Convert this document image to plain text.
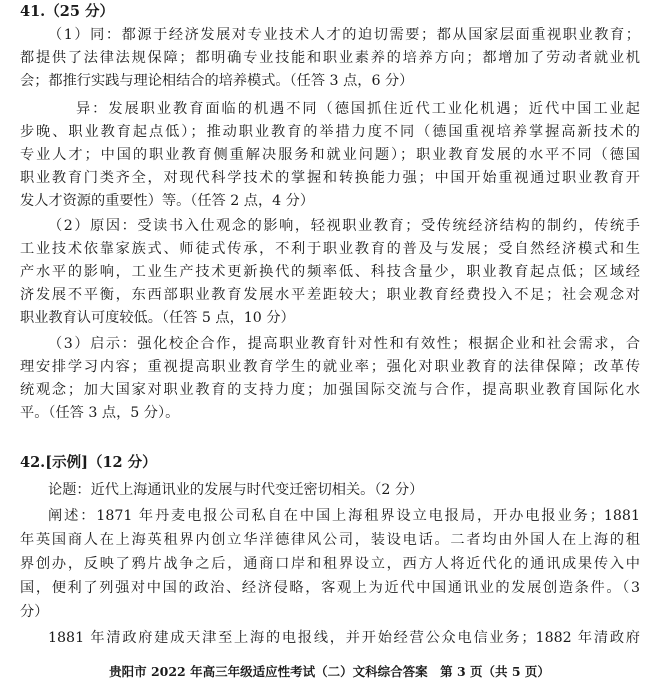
41.（25 分）
（1）同：都源于经济发展对专业技术人才的迫切需要；都从国家层面重视职业教育；
都提供了法律法规保障；都明确专业技能和职业素养的培养方向；都增加了劳动者就业机
会；都推行实践与理论相结合的培养模式。（任答 3 点，6 分）
异：发展职业教育面临的机遇不同（德国抓住近代工业化机遇；近代中国工业起
步晚、职业教育起点低）；推动职业教育的举措力度不同（德国重视培养掌握高新技术的
专业人才；中国的职业教育侧重解决服务和就业问题）；职业教育发展的水平不同（德国
职业教育门类齐全，对现代科学技术的掌握和转换能力强；中国开始重视通过职业教育开
发人才资源的重要性）等。（任答 2 点，4 分）
（2）原因：受读书入仕观念的影响，轻视职业教育；受传统经济结构的制约，传统手
工业技术依靠家族式、师徒式传承，不利于职业教育的普及与发展；受自然经济模式和生
产水平的影响，工业生产技术更新换代的频率低、科技含量少，职业教育起点低；区域经
济发展不平衡，东西部职业教育发展水平差距较大；职业教育经费投入不足；社会观念对
职业教育认可度较低。（任答 5 点，10 分）
（3）启示：强化校企合作，提高职业教育针对性和有效性；根据企业和社会需求，合
理安排学习内容；重视提高职业教育学生的就业率；强化对职业教育的法律保障；改革传
统观念；加大国家对职业教育的支持力度；加强国际交流与合作，提高职业教育国际化水
平。（任答 3 点，5 分）。
42.[示例]（12 分）
论题：近代上海通讯业的发展与时代变迁密切相关。（2 分）
阐述：1871 年丹麦电报公司私自在中国上海租界设立电报局，开办电报业务；1881
年英国商人在上海英租界内创立华洋德律风公司，装设电话。二者均由外国人在上海的租
界创办，反映了鸦片战争之后，通商口岸和租界设立，西方人将近代化的通讯成果传入中
国，便利了列强对中国的政治、经济侵略，客观上为近代中国通讯业的发展创造条件。（3
分）
1881 年清政府建成天津至上海的电报线，并开始经营公众电信业务；1882 年清政府
贵阳市 2022 年高三年级适应性考试（二）文科综合答案　第 3 页（共 5 页）
